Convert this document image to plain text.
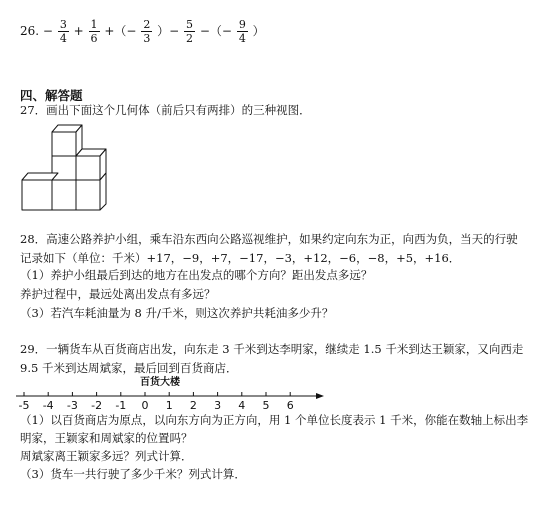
26. − $\frac{3}{4} + \frac{1}{6}$ +（− $\frac{2}{3}$ ）− $\frac{5}{2}$ −（− $\frac{9}{4}$ ）
四、解答题
27．画出下面这个几何体（前后只有两排）的三种视图．
28．高速公路养护小组，乘车沿东西向公路巡视维护，如果约定向东为正，向西为负，当天的行驶
记录如下（单位：千米）+17，−9，+7，−17，−3，+12，−6，−8，+5，+16．
（1）养护小组最后到达的地方在出发点的哪个方向？距出发点多远？
养护过程中，最远处离出发点有多远？
（3）若汽车耗油量为 8 升/千米，则这次养护共耗油多少升？
29．一辆货车从百货商店出发，向东走 3 千米到达李明家，继续走 1.5 千米到达王颖家，又向西走
9.5 千米到达周斌家，最后回到百货商店．
百货大楼
-5 -4 -3 -2 -1 0 1 2 3 4 5 6
（1）以百货商店为原点，以向东方向为正方向，用 1 个单位长度表示 1 千米，你能在数轴上标出李
明家，王颖家和周斌家的位置吗？
周斌家离王颖家多远？列式计算．
（3）货车一共行驶了多少千米？列式计算．
